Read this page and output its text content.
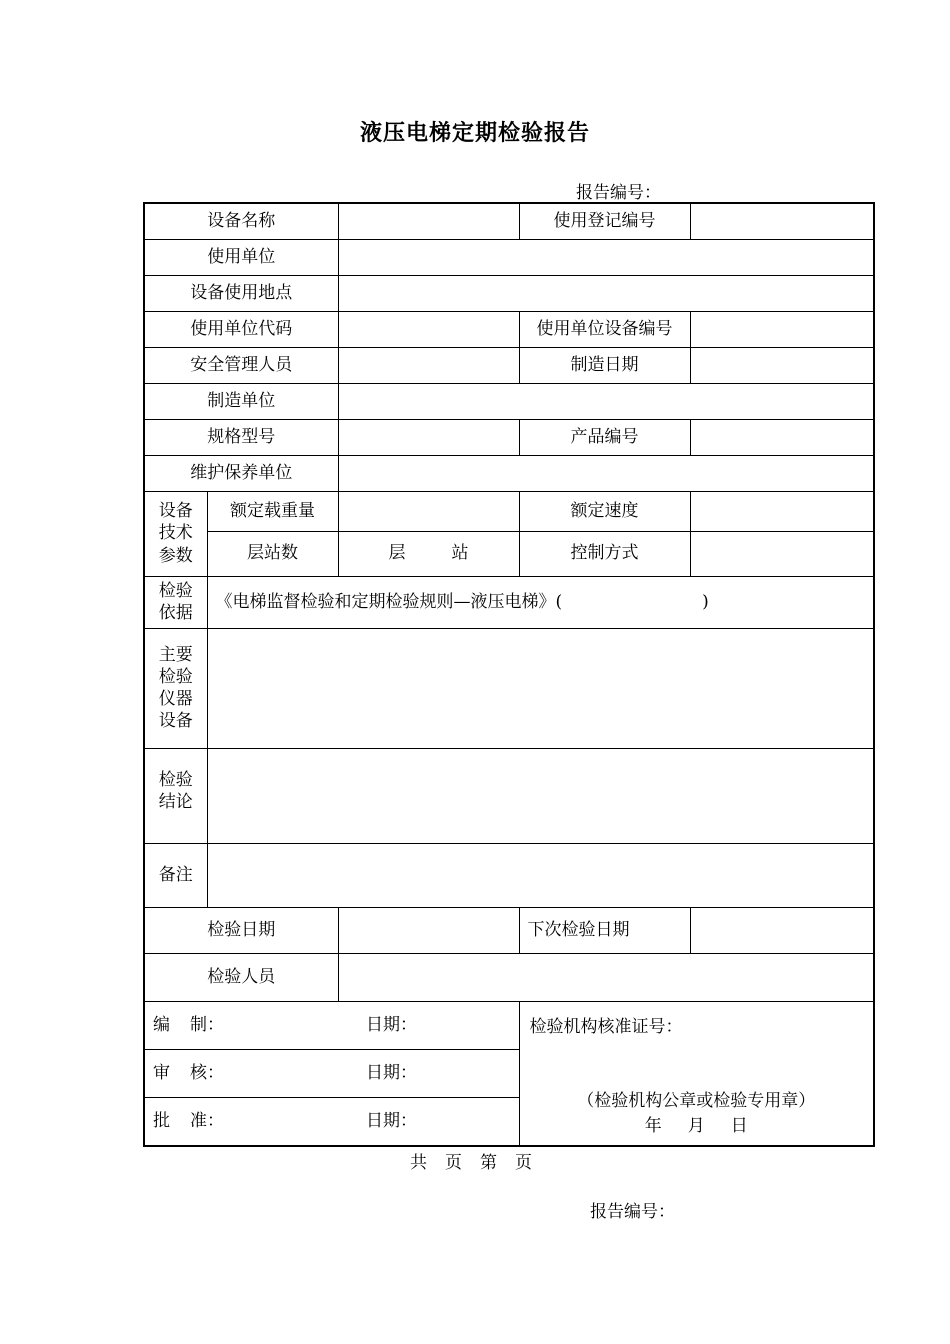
液压电梯定期检验报告
报告编号：
设备名称		使用登记编号	
使用单位	
设备使用地点	
使用单位代码		使用单位设备编号	
安全管理人员		制造日期	
制造单位	
规格型号		产品编号	
维护保养单位	

设备
技术
参数
	额定载重量		额定速度	
层站数	层	站	控制方式	

检验
依据
	《电梯监督检验和定期检验规则—液压电梯》(	)

主要
检验
仪器
设备

检验
结论

备注	
检验日期		下次检验日期	
检验人员	

编 制：	日期：
审 核：	日期：
批 准：	日期：

检验机构核准证号：
（检验机构公章或检验专用章）
年 月 日
共 页 第 页
报告编号：
